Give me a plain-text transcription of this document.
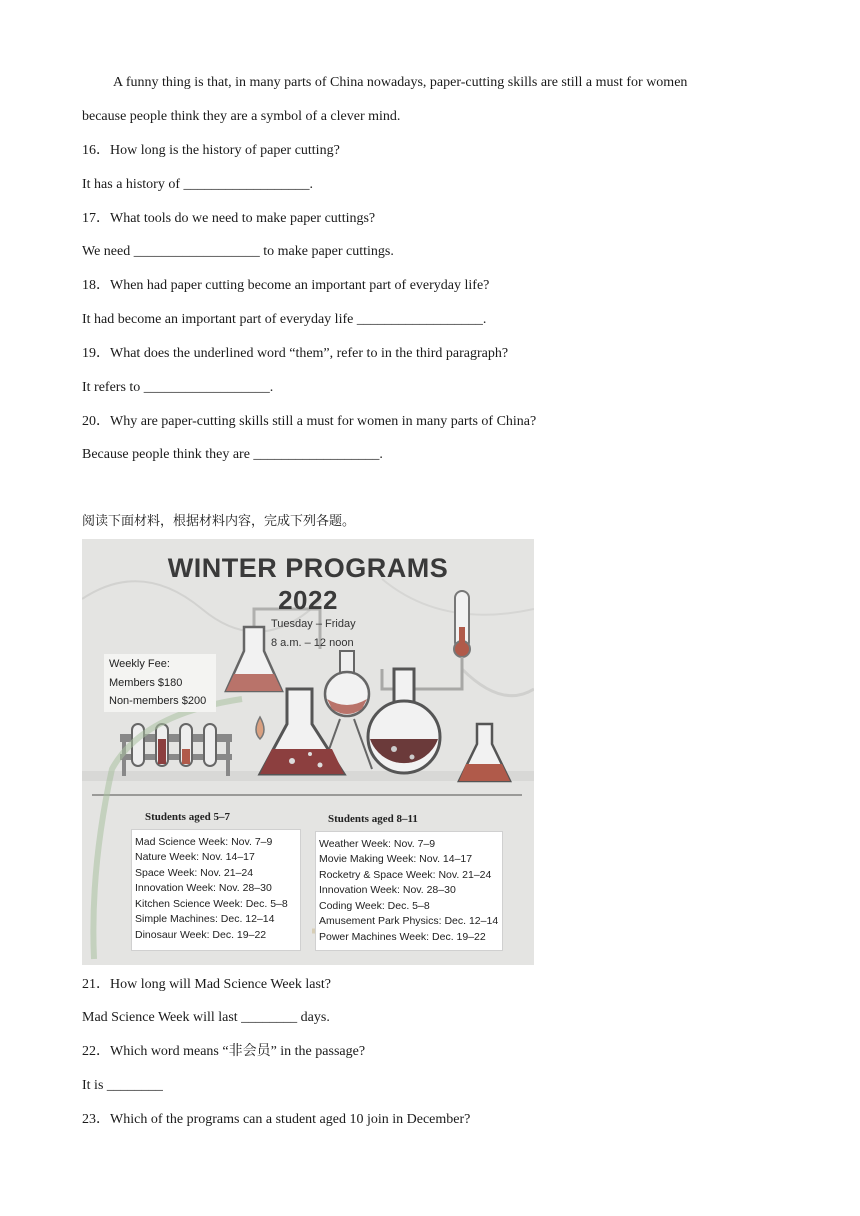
A funny thing is that, in many parts of China nowadays, paper-cutting skills are still a must for women
because people think they are a symbol of a clever mind.
16．How long is the history of paper cutting?
It has a history of __________________.
17．What tools do we need to make paper cuttings?
We need __________________ to make paper cuttings.
18．When had paper cutting become an important part of everyday life?
It had become an important part of everyday life __________________.
19．What does the underlined word “them”, refer to in the third paragraph?
It refers to __________________.
20．Why are paper-cutting skills still a must for women in many parts of China?
Because people think they are __________________.
阅读下面材料，根据材料内容，完成下列各题。
WINTER PROGRAMS
2022
Tuesday – Friday
8 a.m. – 12 noon
Weekly Fee:
Members $180
Non-members $200
Students aged 5–7	Students aged 8–11
Mad Science Week: Nov. 7–9
Nature Week: Nov. 14–17
Space Week: Nov. 21–24
Innovation Week: Nov. 28–30
Kitchen Science Week: Dec. 5–8
Simple Machines: Dec. 12–14
Dinosaur Week: Dec. 19–22
Weather Week: Nov. 7–9
Movie Making Week: Nov. 14–17
Rocketry & Space Week: Nov. 21–24
Innovation Week: Nov. 28–30
Coding Week: Dec. 5–8
Amusement Park Physics: Dec. 12–14
Power Machines Week: Dec. 19–22
21．How long will Mad Science Week last?
Mad Science Week will last ________ days.
22．Which word means “非会员” in the passage?
It is ________
23．Which of the programs can a student aged 10 join in December?
